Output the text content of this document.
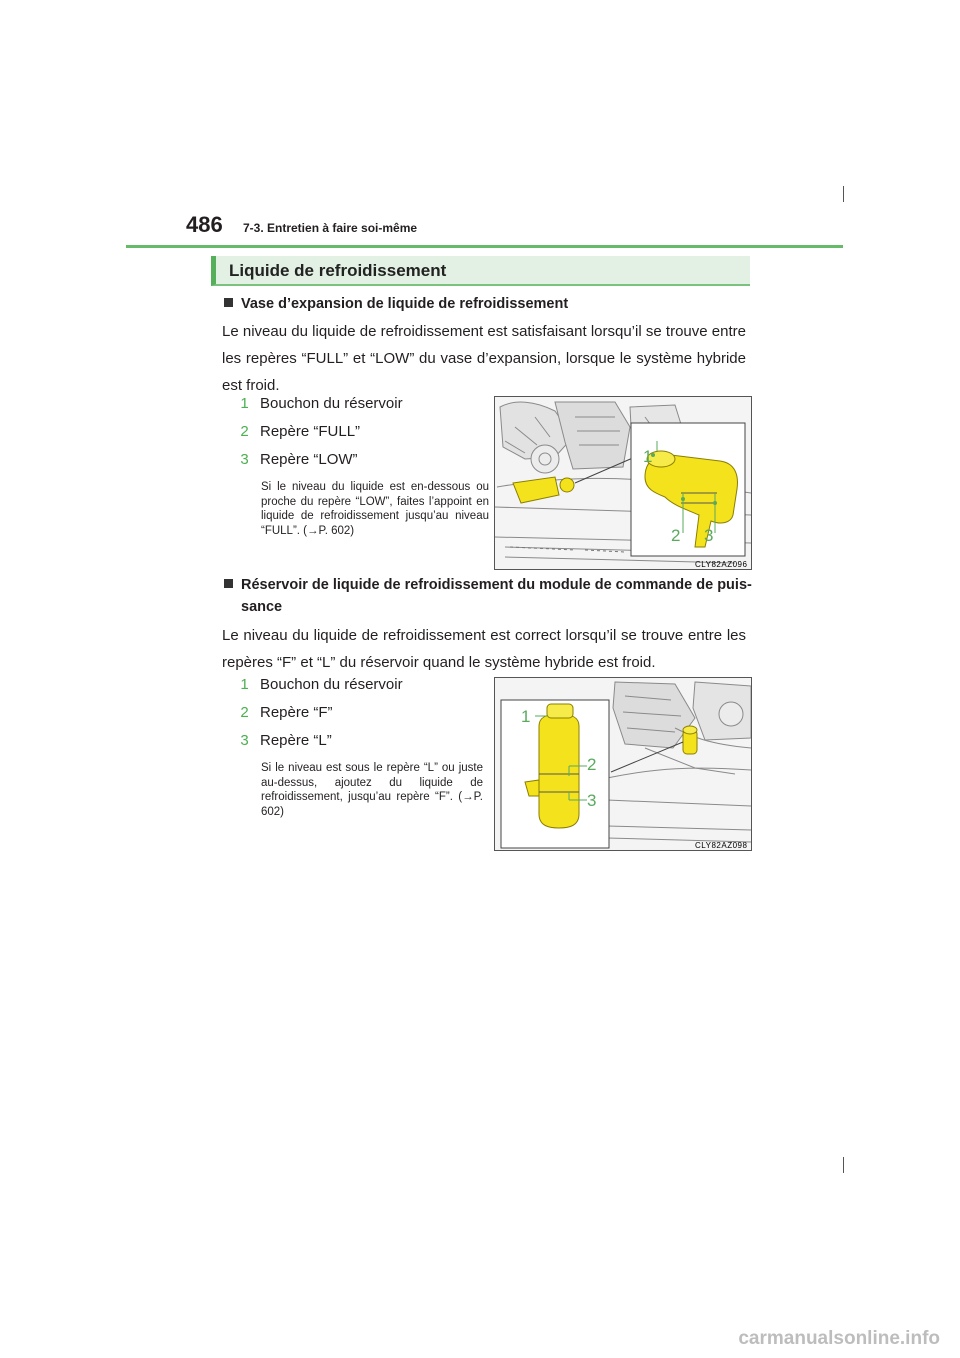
486 7-3. Entretien à faire soi-même
Liquide de refroidissement
Vase d’expansion de liquide de refroidissement
Le niveau du liquide de refroidissement est satisfaisant lorsqu’il se trouve entre les repères “FULL” et “LOW” du vase d’expansion, lorsque le système hybride est froid.
1 Bouchon du réservoir
2 Repère “FULL”
3 Repère “LOW”
Si le niveau du liquide est en-dessous ou proche du repère “LOW”, faites l’appoint en liquide de refroidissement jusqu’au niveau “FULL”. (→P. 602)
1
2 3
CLY82AZ096
Réservoir de liquide de refroidissement du module de commande de puis-
sance
Le niveau du liquide de refroidissement est correct lorsqu’il se trouve entre les repères “F” et “L” du réservoir quand le système hybride est froid.
1 Bouchon du réservoir
2 Repère “F”
3 Repère “L”
Si le niveau est sous le repère “L” ou juste au-dessus, ajoutez du liquide de refroidissement, jusqu’au repère “F”. (→P. 602)
1
2
3
CLY82AZ098
carmanualsonline.info
